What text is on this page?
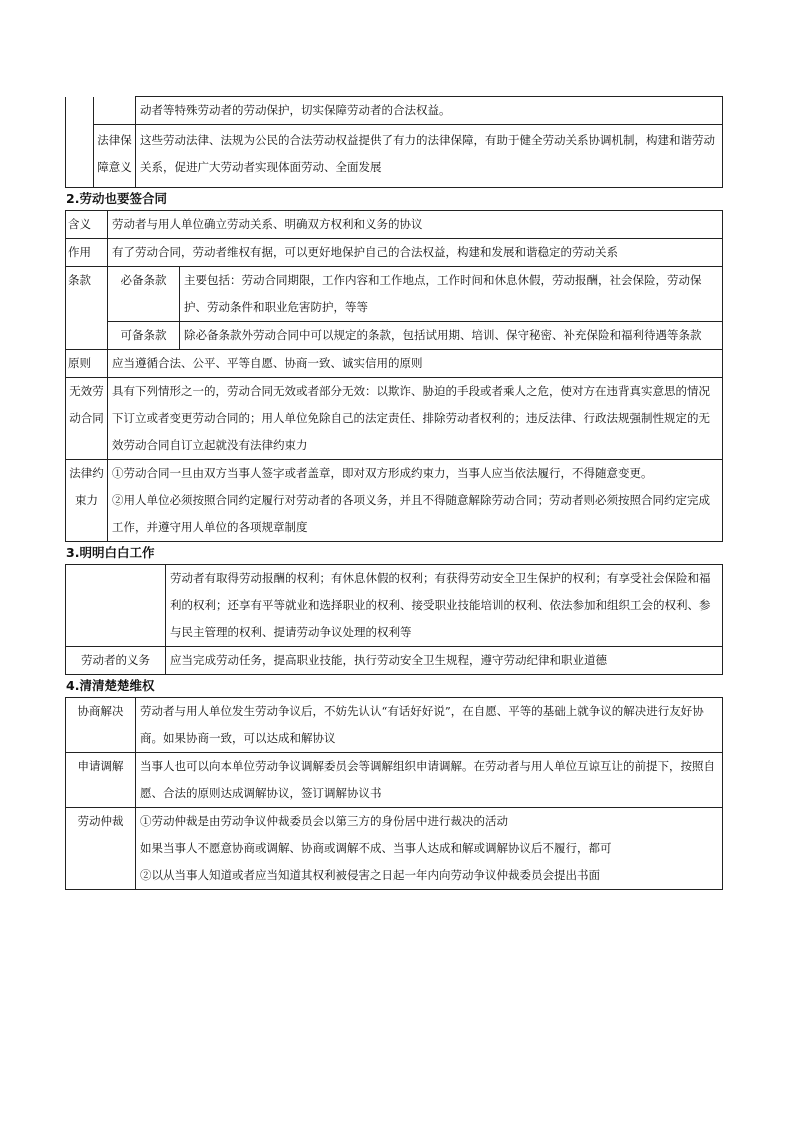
		动者等特殊劳动者的劳动保护，切实保障劳动者的合法权益。
	法律保障意义	这些劳动法律、法规为公民的合法劳动权益提供了有力的法律保障，有助于健全劳动关系协调机制，构建和谐劳动关系，促进广大劳动者实现体面劳动、全面发展

2.劳动也要签合同

含义	劳动者与用人单位确立劳动关系、明确双方权利和义务的协议	
作用	有了劳动合同，劳动者维权有据，可以更好地保护自己的合法权益，构建和发展和谐稳定的劳动关系	
条款	必备条款	主要包括：劳动合同期限，工作内容和工作地点，工作时间和休息休假，劳动报酬，社会保险，劳动保护、劳动条件和职业危害防护，等等
	可备条款	除必备条款外劳动合同中可以规定的条款，包括试用期、培训、保守秘密、补充保险和福利待遇等条款
原则	应当遵循合法、公平、平等自愿、协商一致、诚实信用的原则	
无效劳动合同	具有下列情形之一的，劳动合同无效或者部分无效：以欺诈、胁迫的手段或者乘人之危，使对方在违背真实意思的情况下订立或者变更劳动合同的；用人单位免除自己的法定责任、排除劳动者权利的；违反法律、行政法规强制性规定的无效劳动合同自订立起就没有法律约束力	
法律约束力	①劳动合同一旦由双方当事人签字或者盖章，即对双方形成约束力，当事人应当依法履行，不得随意变更。

②用人单位必须按照合同约定履行对劳动者的各项义务，并且不得随意解除劳动合同；劳动者则必须按照合同约定完成工作，并遵守用人单位的各项规章制度	

3.明明白白工作

	劳动者有取得劳动报酬的权利；有休息休假的权利；有获得劳动安全卫生保护的权利；有享受社会保险和福利的权利；还享有平等就业和选择职业的权利、接受职业技能培训的权利、依法参加和组织工会的权利、参与民主管理的权利、提请劳动争议处理的权利等
劳动者的义务	应当完成劳动任务，提高职业技能，执行劳动安全卫生规程，遵守劳动纪律和职业道德

4.清清楚楚维权

协商解决	劳动者与用人单位发生劳动争议后，不妨先认认“有话好好说”，在自愿、平等的基础上就争议的解决进行友好协商。如果协商一致，可以达成和解协议
申请调解	当事人也可以向本单位劳动争议调解委员会等调解组织申请调解。在劳动者与用人单位互谅互让的前提下，按照自愿、合法的原则达成调解协议，签订调解协议书
劳动仲裁	①劳动仲裁是由劳动争议仲裁委员会以第三方的身份居中进行裁决的活动

如果当事人不愿意协商或调解、协商或调解不成、当事人达成和解或调解协议后不履行，都可

②以从当事人知道或者应当知道其权利被侵害之日起一年内向劳动争议仲裁委员会提出书面
